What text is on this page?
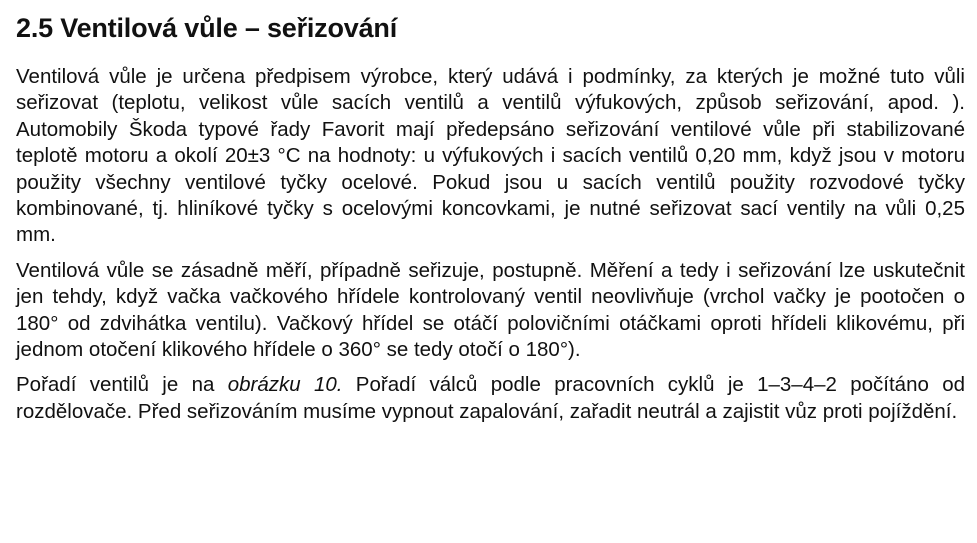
2.5 Ventilová vůle – seřizování

Ventilová vůle je určena předpisem výrobce, který udává i podmínky, za kterých je možné tuto vůli seřizovat (teplotu, velikost vůle sacích ventilů a ventilů výfukových, způsob seřizování, apod. ). Automobily Škoda typové řady Favorit mají předepsáno seřizování ventilové vůle při stabilizované teplotě motoru a okolí 20±3 °C na hodnoty: u výfukových i sacích ventilů 0,20 mm, když jsou v motoru použity všechny ventilové tyčky ocelové. Pokud jsou u sacích ventilů použity rozvodové tyčky kombinované, tj. hliníkové tyčky s ocelovými koncovkami, je nutné seřizovat sací ventily na vůli 0,25 mm.

Ventilová vůle se zásadně měří, případně seřizuje, postupně. Měření a tedy i seřizování lze uskutečnit jen tehdy, když vačka vačkového hřídele kontrolovaný ventil neovlivňuje (vrchol vačky je pootočen o 180° od zdvihátka ventilu). Vačkový hřídel se otáčí polovičními otáčkami oproti hřídeli klikovému, při jednom otočení klikového hřídele o 360° se tedy otočí o 180°).

Pořadí ventilů je na obrázku 10. Pořadí válců podle pracovních cyklů je 1–3–4–2 počítáno od rozdělovače. Před seřizováním musíme vypnout zapalování, zařadit neutrál a zajistit vůz proti pojíždění.
